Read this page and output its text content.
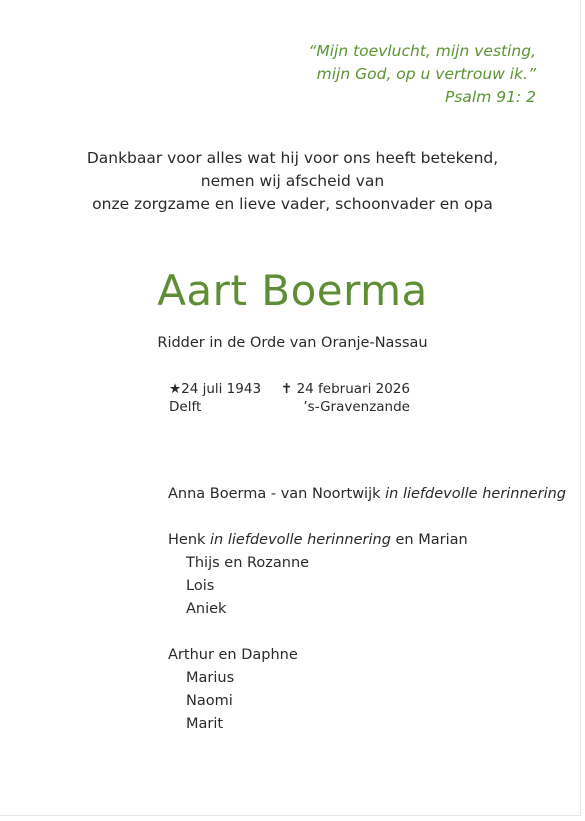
“Mijn toevlucht, mijn vesting,
mijn God, op u vertrouw ik.”
Psalm 91: 2
Dankbaar voor alles wat hij voor ons heeft betekend,
nemen wij afscheid van
onze zorgzame en lieve vader, schoonvader en opa
Aart Boerma
Ridder in de Orde van Oranje-Nassau
★24 juli 1943
Delft
✝ 24 februari 2026
’s-Gravenzande
Anna Boerma - van Noortwijk in liefdevolle herinnering
Henk in liefdevolle herinnering en Marian
Thijs en Rozanne
Lois
Aniek
Arthur en Daphne
Marius
Naomi
Marit
